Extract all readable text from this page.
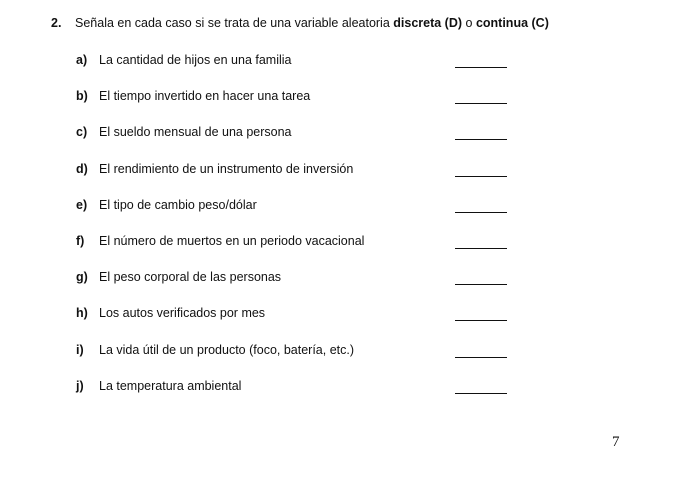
2. Señala en cada caso si se trata de una variable aleatoria discreta (D) o continua (C)
a) La cantidad de hijos en una familia
b) El tiempo invertido en hacer una tarea
c) El sueldo mensual de una persona
d) El rendimiento de un instrumento de inversión
e) El tipo de cambio peso/dólar
f) El número de muertos en un periodo vacacional
g) El peso corporal de las personas
h) Los autos verificados por mes
i) La vida útil de un producto (foco, batería, etc.)
j) La temperatura ambiental
7
